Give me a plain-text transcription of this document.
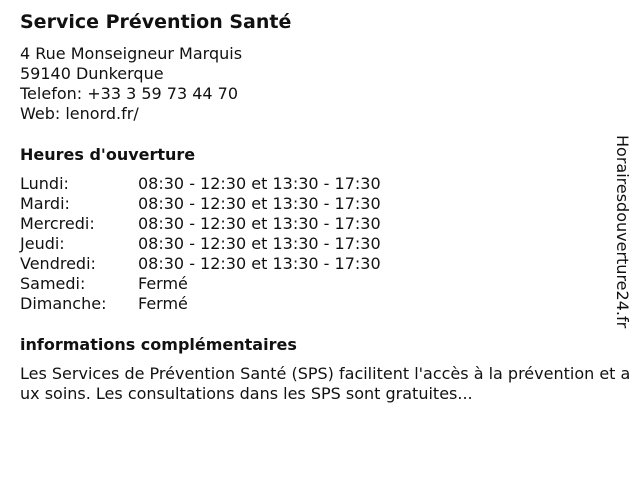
Service Prévention Santé
4 Rue Monseigneur Marquis
59140 Dunkerque
Telefon: +33 3 59 73 44 70
Web: lenord.fr/
Heures d'ouverture
Lundi:	08:30 - 12:30 et 13:30 - 17:30
Mardi:	08:30 - 12:30 et 13:30 - 17:30
Mercredi:	08:30 - 12:30 et 13:30 - 17:30
Jeudi:	08:30 - 12:30 et 13:30 - 17:30
Vendredi:	08:30 - 12:30 et 13:30 - 17:30
Samedi:	Fermé
Dimanche: Fermé
informations complémentaires
Les Services de Prévention Santé (SPS) facilitent l'accès à la prévention et aux soins. Les consultations dans les SPS sont gratuites...
Horairesdouverture24.fr
